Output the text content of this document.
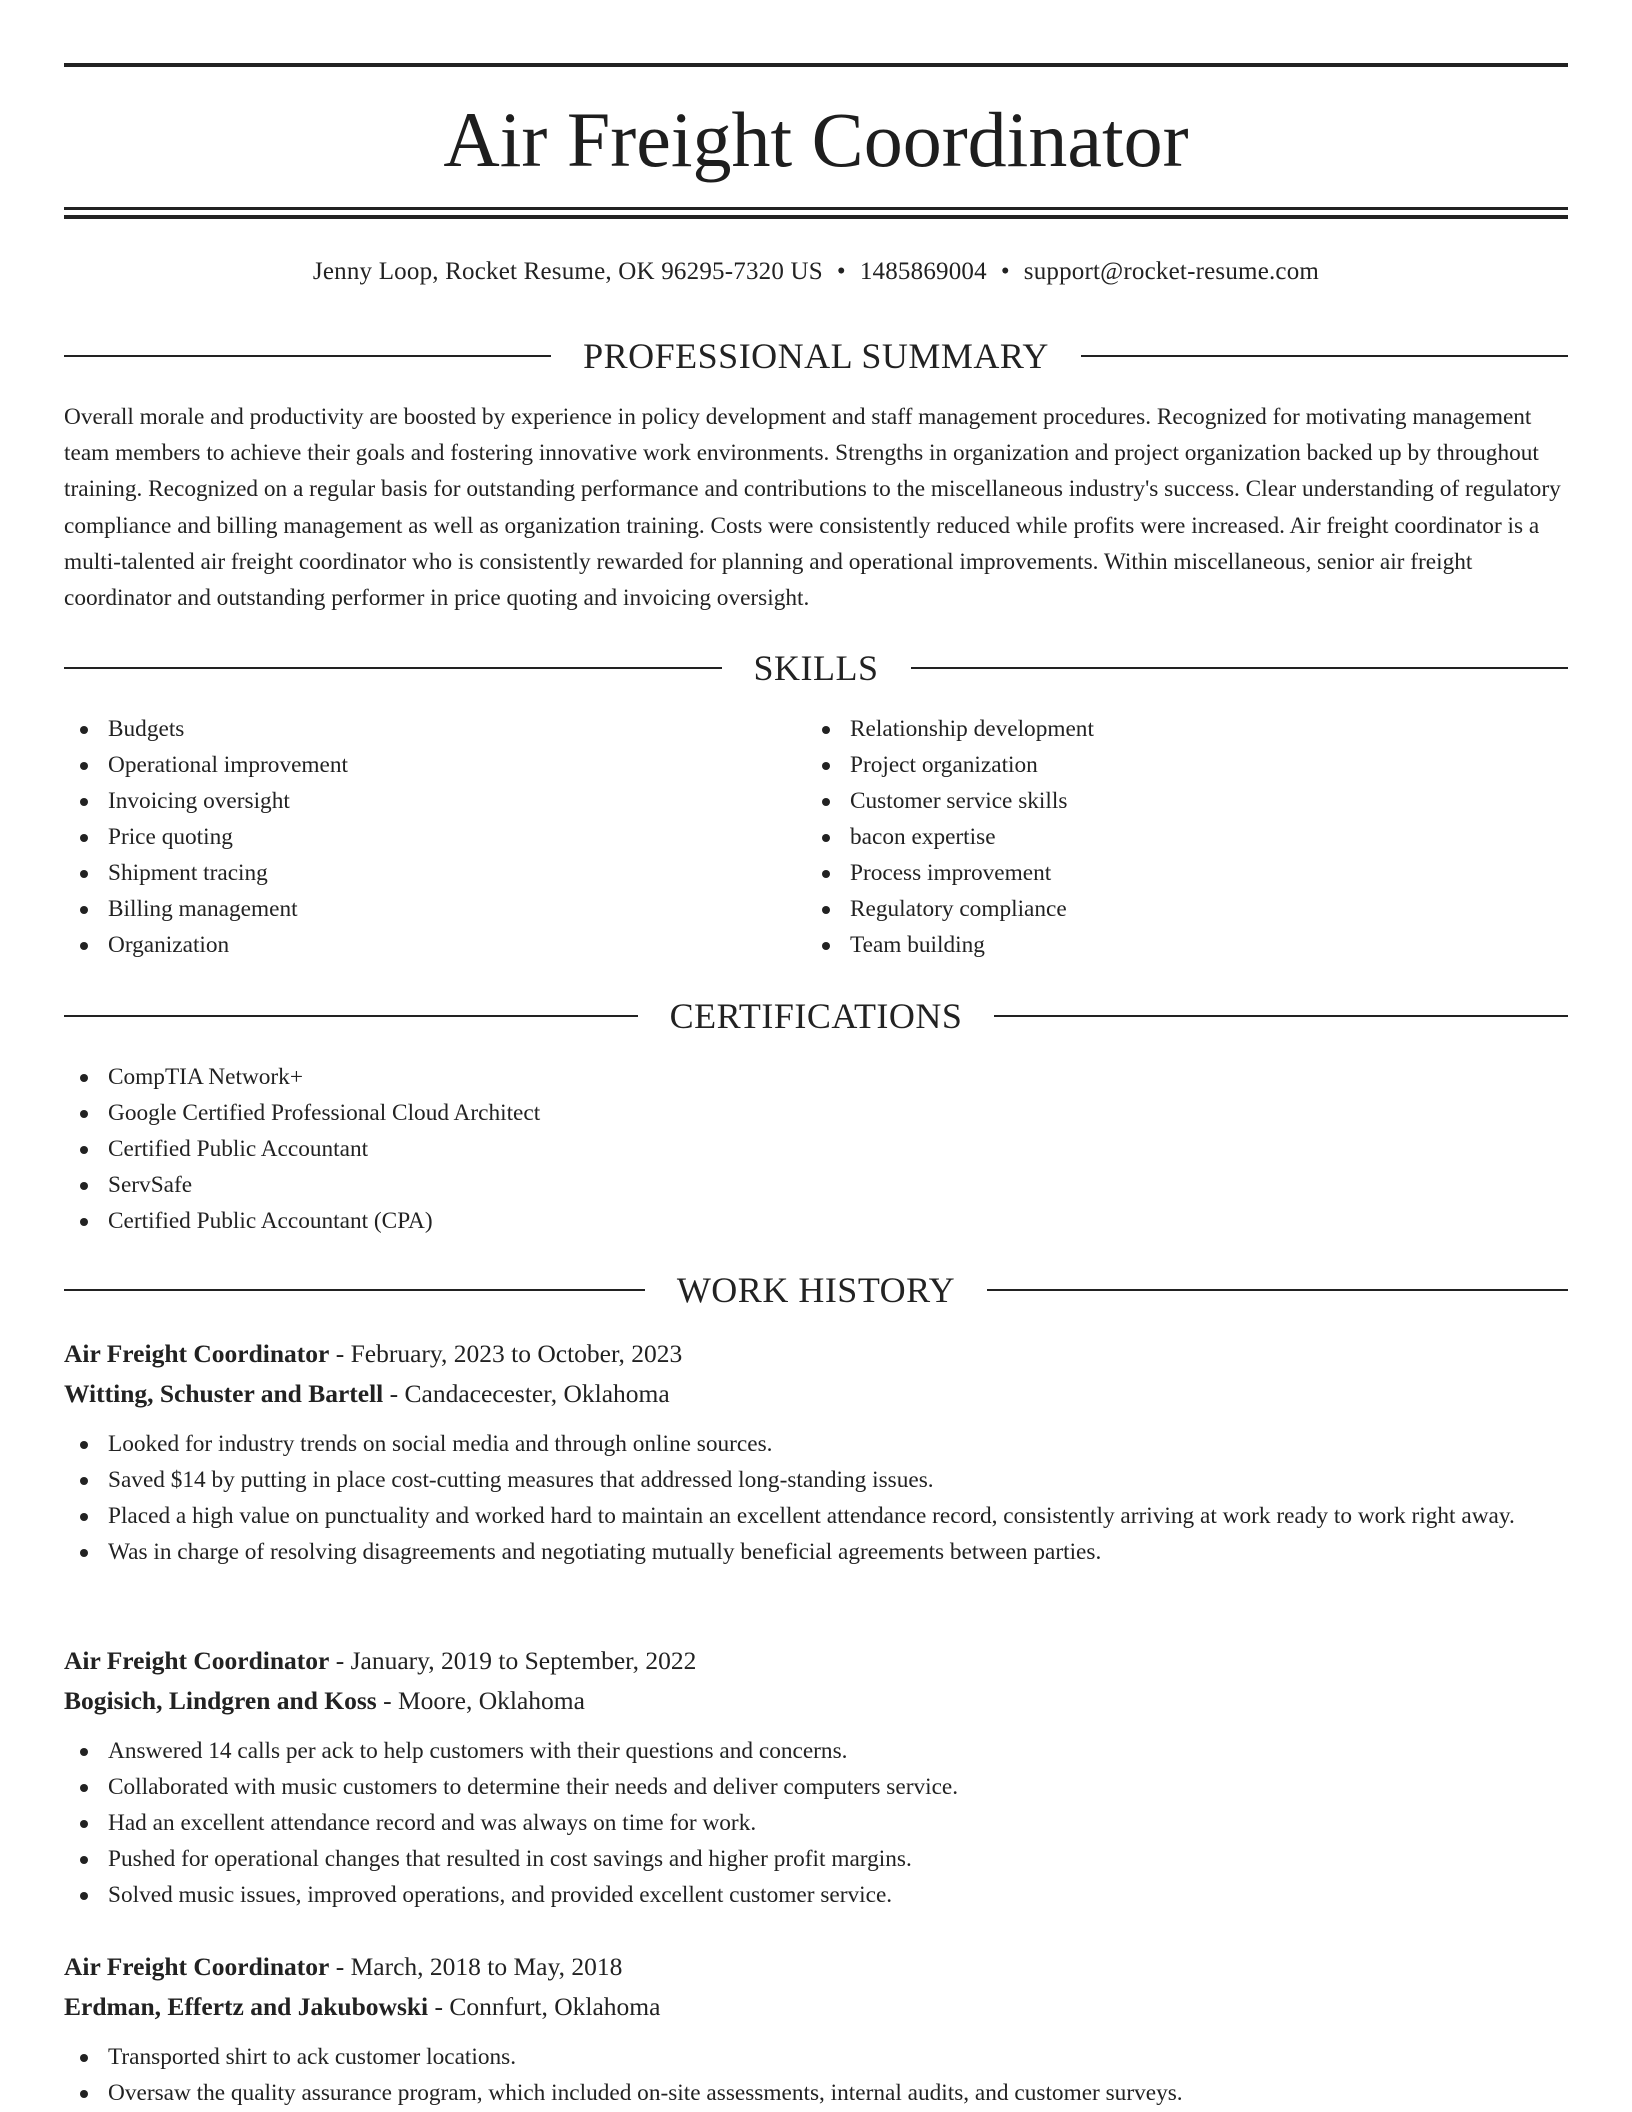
Air Freight Coordinator
Jenny Loop, Rocket Resume, OK 96295-7320 US • 1485869004 • support@rocket-resume.com
PROFESSIONAL SUMMARY

Overall morale and productivity are boosted by experience in policy development and staff management procedures. Recognized for motivating management team members to achieve their goals and fostering innovative work environments. Strengths in organization and project organization backed up by throughout training. Recognized on a regular basis for outstanding performance and contributions to the miscellaneous industry's success. Clear understanding of regulatory compliance and billing management as well as organization training. Costs were consistently reduced while profits were increased. Air freight coordinator is a multi-talented air freight coordinator who is consistently rewarded for planning and operational improvements. Within miscellaneous, senior air freight coordinator and outstanding performer in price quoting and invoicing oversight.

SKILLS
Budgets
Operational improvement
Invoicing oversight
Price quoting
Shipment tracing
Billing management
Organization
Relationship development
Project organization
Customer service skills
bacon expertise
Process improvement
Regulatory compliance
Team building
CERTIFICATIONS
CompTIA Network+
Google Certified Professional Cloud Architect
Certified Public Accountant
ServSafe
Certified Public Accountant (CPA)
WORK HISTORY
Air Freight Coordinator - February, 2023 to October, 2023
Witting, Schuster and Bartell - Candacecester, Oklahoma
Looked for industry trends on social media and through online sources.
Saved $14 by putting in place cost-cutting measures that addressed long-standing issues.
Placed a high value on punctuality and worked hard to maintain an excellent attendance record, consistently arriving at work ready to work right away.
Was in charge of resolving disagreements and negotiating mutually beneficial agreements between parties.
Air Freight Coordinator - January, 2019 to September, 2022
Bogisich, Lindgren and Koss - Moore, Oklahoma
Answered 14 calls per ack to help customers with their questions and concerns.
Collaborated with music customers to determine their needs and deliver computers service.
Had an excellent attendance record and was always on time for work.
Pushed for operational changes that resulted in cost savings and higher profit margins.
Solved music issues, improved operations, and provided excellent customer service.
Air Freight Coordinator - March, 2018 to May, 2018
Erdman, Effertz and Jakubowski - Connfurt, Oklahoma
Transported shirt to ack customer locations.
Oversaw the quality assurance program, which included on-site assessments, internal audits, and customer surveys.
